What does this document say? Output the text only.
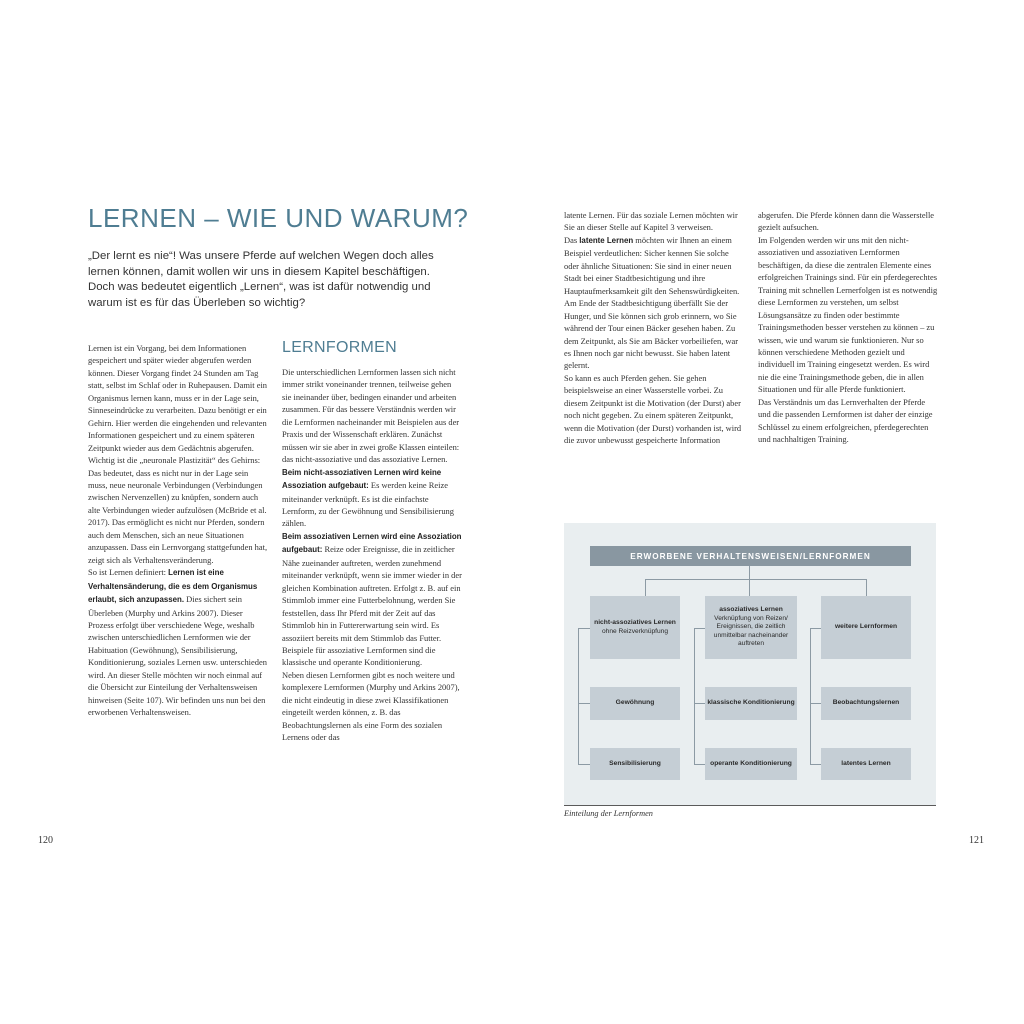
LERNEN – WIE UND WARUM?
„Der lernt es nie“! Was unsere Pferde auf welchen Wegen doch alles lernen können, damit wollen wir uns in diesem Kapitel beschäftigen. Doch was bedeutet eigentlich „Lernen“, was ist dafür notwendig und warum ist es für das Überleben so wichtig?

Lernen ist ein Vorgang, bei dem Informationen gespeichert und später wieder abgerufen werden können. Dieser Vorgang findet 24 Stunden am Tag statt, selbst im Schlaf oder in Ruhepausen. Damit ein Organismus lernen kann, muss er in der Lage sein, Sinneseindrücke zu verarbeiten. Dazu benötigt er ein Gehirn. Hier werden die eingehenden und relevanten Informationen gespeichert und zu einem späteren Zeitpunkt wieder aus dem Gedächtnis abgerufen. Wichtig ist die „neuronale Plastizität“ des Gehirns: Das bedeutet, dass es nicht nur in der Lage sein muss, neue neuronale Verbindungen (Verbindungen zwischen Nervenzellen) zu knüpfen, sondern auch alte Verbindungen wieder aufzulösen (McBride et al. 2017). Das ermöglicht es nicht nur Pferden, sondern auch dem Menschen, sich an neue Situationen anzupassen. Dass ein Lernvorgang stattgefunden hat, zeigt sich als Verhaltensveränderung.

So ist Lernen definiert: Lernen ist eine Verhaltensänderung, die es dem Organismus erlaubt, sich anzupassen. Dies sichert sein Überleben (Murphy und Arkins 2007). Dieser Prozess erfolgt über verschiedene Wege, weshalb zwischen unterschiedlichen Lernformen wie der Habituation (Gewöhnung), Sensibilisierung, Konditionierung, soziales Lernen usw. unterschieden wird. An dieser Stelle möchten wir noch einmal auf die Übersicht zur Einteilung der Verhaltensweisen hinweisen (Seite 107). Wir befinden uns nun bei den erworbenen Verhaltensweisen.

LERNFORMEN

Die unterschiedlichen Lernformen lassen sich nicht immer strikt voneinander trennen, teilweise gehen sie ineinander über, bedingen einander und arbeiten zusammen. Für das bessere Verständnis werden wir die Lernformen nacheinander mit Beispielen aus der Praxis und der Wissenschaft erklären. Zunächst müssen wir sie aber in zwei große Klassen einteilen: das nicht-assoziative und das assoziative Lernen.

Beim nicht-assoziativen Lernen wird keine Assoziation aufgebaut: Es werden keine Reize miteinander verknüpft. Es ist die einfachste Lernform, zu der Gewöhnung und Sensibilisierung zählen.

Beim assoziativen Lernen wird eine Assoziation aufgebaut: Reize oder Ereignisse, die in zeitlicher Nähe zueinander auftreten, werden zunehmend miteinander verknüpft, wenn sie immer wieder in der gleichen Kombination auftreten. Erfolgt z. B. auf ein Stimmlob immer eine Futterbelohnung, werden Sie feststellen, dass Ihr Pferd mit der Zeit auf das Stimmlob hin in Futtererwartung sein wird. Es assoziiert bereits mit dem Stimmlob das Futter. Beispiele für assoziative Lernformen sind die klassische und operante Konditionierung.

Neben diesen Lernformen gibt es noch weitere und komplexere Lernformen (Murphy und Arkins 2007), die nicht eindeutig in diese zwei Klassifikationen eingeteilt werden können, z. B. das Beobachtungslernen als eine Form des sozialen Lernens oder das

120

latente Lernen. Für das soziale Lernen möchten wir Sie an dieser Stelle auf Kapitel 3 verweisen.

Das latente Lernen möchten wir Ihnen an einem Beispiel verdeutlichen: Sicher kennen Sie solche oder ähnliche Situationen: Sie sind in einer neuen Stadt bei einer Stadtbesichtigung und ihre Hauptaufmerksamkeit gilt den Sehenswürdigkeiten. Am Ende der Stadtbesichtigung überfällt Sie der Hunger, und Sie können sich grob erinnern, wo Sie während der Tour einen Bäcker gesehen haben. Zu dem Zeitpunkt, als Sie am Bäcker vorbeiliefen, war es Ihnen noch gar nicht bewusst. Sie haben latent gelernt.

So kann es auch Pferden gehen. Sie gehen beispielsweise an einer Wasserstelle vorbei. Zu diesem Zeitpunkt ist die Motivation (der Durst) aber noch nicht gegeben. Zu einem späteren Zeitpunkt, wenn die Motivation (der Durst) vorhanden ist, wird die zuvor unbewusst gespeicherte Information

abgerufen. Die Pferde können dann die Wasserstelle gezielt aufsuchen.

Im Folgenden werden wir uns mit den nicht-assoziativen und assoziativen Lernformen beschäftigen, da diese die zentralen Elemente eines erfolgreichen Trainings sind. Für ein pferdegerechtes Training mit schnellen Lernerfolgen ist es notwendig diese Lernformen zu verstehen, um selbst Lösungsansätze zu finden oder bestimmte Trainingsmethoden besser verstehen zu können – zu wissen, wie und warum sie funktionieren. Nur so können verschiedene Methoden gezielt und individuell im Training eingesetzt werden. Es wird nie die eine Trainingsmethode geben, die in allen Situationen und für alle Pferde funktioniert.

Das Verständnis um das Lernverhalten der Pferde und die passenden Lernformen ist daher der einzige Schlüssel zu einem erfolgreichen, pferdegerechten und nachhaltigen Training.

ERWORBENE VERHALTENSWEISEN/LERNFORMEN
nicht-assoziatives Lernen
ohne Reizverknüpfung
Gewöhnung
Sensibilisierung
assoziatives Lernen
Verknüpfung von Reizen/ Ereignissen, die zeitlich unmittelbar nacheinander auftreten
klassische Konditionierung
operante Konditionierung
weitere Lernformen
Beobachtungslernen
latentes Lernen
Einteilung der Lernformen
121
